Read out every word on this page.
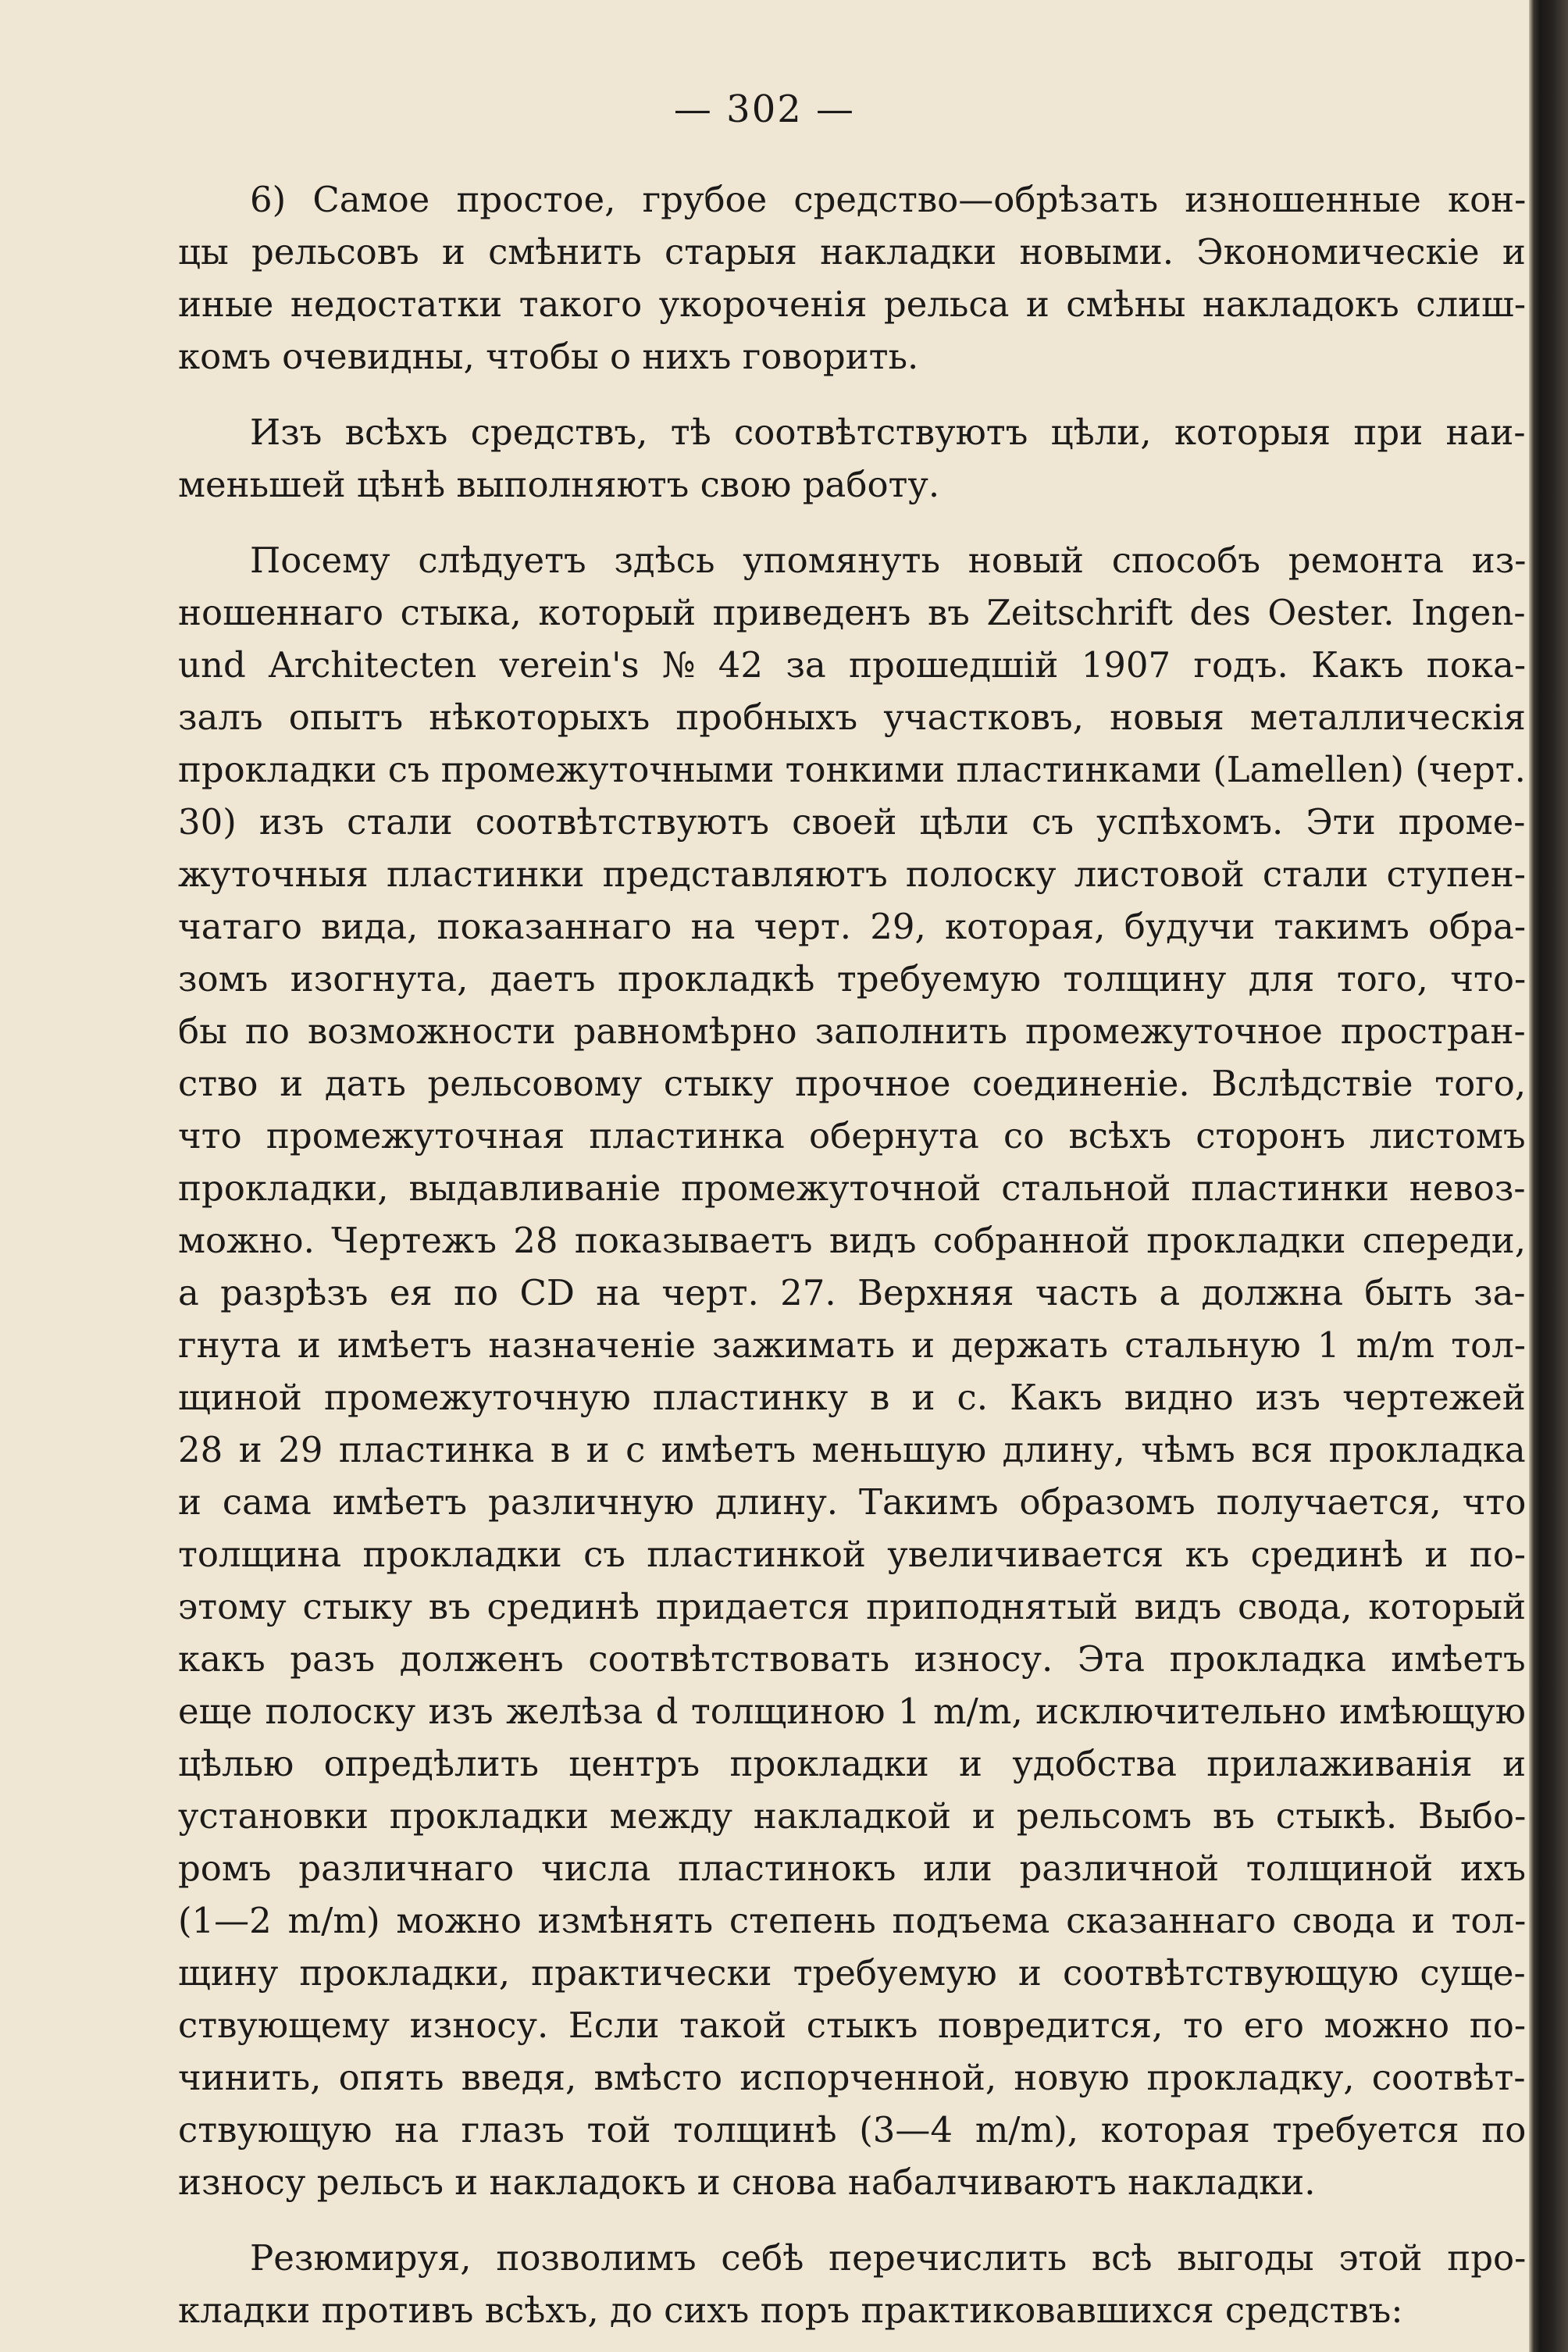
— 302 —
6) Самое простое, грубое средство—обрѣзать изношенные кон-
цы рельсовъ и смѣнить старыя накладки новыми. Экономическіе и
иные недостатки такого укороченія рельса и смѣны накладокъ слиш-
комъ очевидны, чтобы о нихъ говорить.
Изъ всѣхъ средствъ, тѣ соотвѣтствуютъ цѣли, которыя при наи-
меньшей цѣнѣ выполняютъ свою работу.
Посему слѣдуетъ здѣсь упомянуть новый способъ ремонта из-
ношеннаго стыка, который приведенъ въ Zeitschrift des Oester. Ingen-
und Architecten verein's № 42 за прошедшій 1907 годъ. Какъ пока-
залъ опытъ нѣкоторыхъ пробныхъ участковъ, новыя металлическія
прокладки съ промежуточными тонкими пластинками (Lamellen) (черт.
30) изъ стали соотвѣтствуютъ своей цѣли съ успѣхомъ. Эти проме-
жуточныя пластинки представляютъ полоску листовой стали ступен-
чатаго вида, показаннаго на черт. 29, которая, будучи такимъ обра-
зомъ изогнута, даетъ прокладкѣ требуемую толщину для того, что-
бы по возможности равномѣрно заполнить промежуточное простран-
ство и дать рельсовому стыку прочное соединеніе. Вслѣдствіе того,
что промежуточная пластинка обернута со всѣхъ сторонъ листомъ
прокладки, выдавливаніе промежуточной стальной пластинки невоз-
можно. Чертежъ 28 показываетъ видъ собранной прокладки спереди,
а разрѣзъ ея по CD на черт. 27. Верхняя часть a должна быть за-
гнута и имѣетъ назначеніе зажимать и держать стальную 1 m/m тол-
щиной промежуточную пластинку в и c. Какъ видно изъ чертежей
28 и 29 пластинка в и c имѣетъ меньшую длину, чѣмъ вся прокладка
и сама имѣетъ различную длину. Такимъ образомъ получается, что
толщина прокладки съ пластинкой увеличивается къ срединѣ и по-
этому стыку въ срединѣ придается приподнятый видъ свода, который
какъ разъ долженъ соотвѣтствовать износу. Эта прокладка имѣетъ
еще полоску изъ желѣза d толщиною 1 m/m, исключительно имѣющую
цѣлью опредѣлить центръ прокладки и удобства прилаживанія и
установки прокладки между накладкой и рельсомъ въ стыкѣ. Выбо-
ромъ различнаго числа пластинокъ или различной толщиной ихъ
(1—2 m/m) можно измѣнять степень подъема сказаннаго свода и тол-
щину прокладки, практически требуемую и соотвѣтствующую суще-
ствующему износу. Если такой стыкъ повредится, то его можно по-
чинить, опять введя, вмѣсто испорченной, новую прокладку, соотвѣт-
ствующую на глазъ той толщинѣ (3—4 m/m), которая требуется по
износу рельсъ и накладокъ и снова набалчиваютъ накладки.
Резюмируя, позволимъ себѣ перечислить всѣ выгоды этой про-
кладки противъ всѣхъ, до сихъ поръ практиковавшихся средствъ:
